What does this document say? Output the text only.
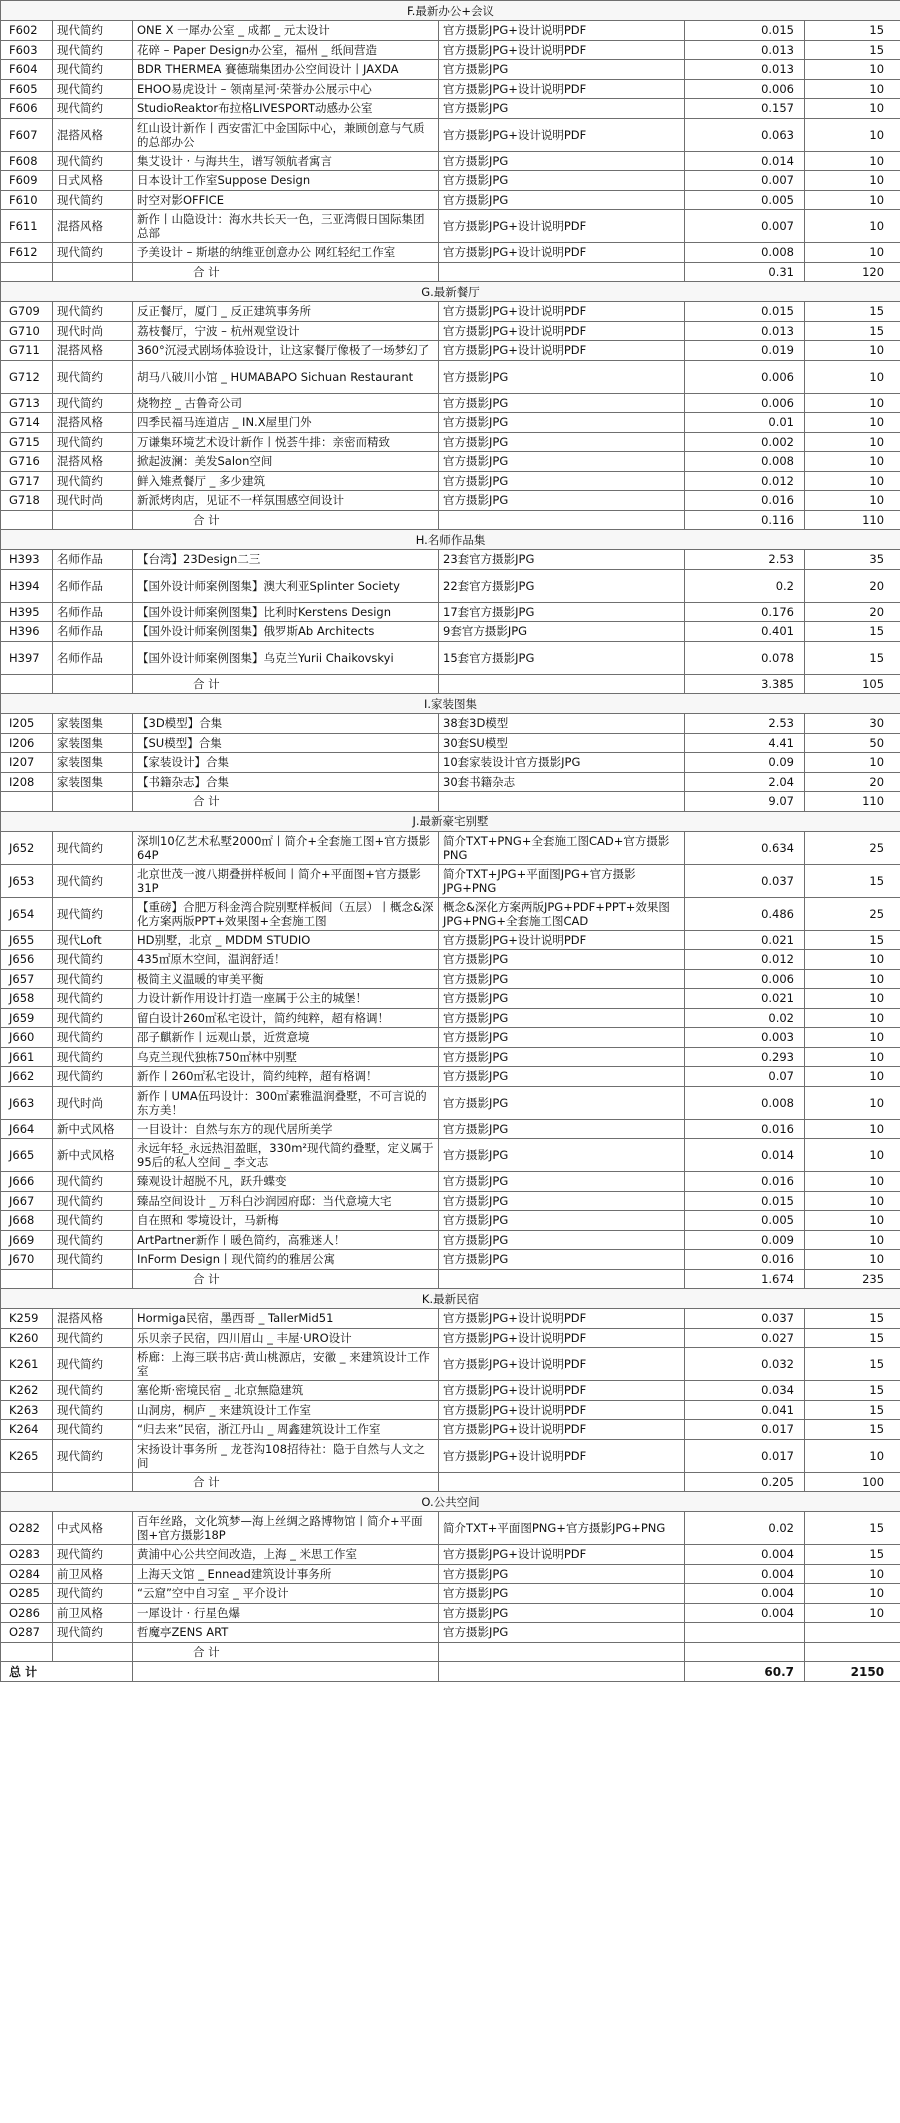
F.最新办公+会议					
F602	现代简约	ONE X 一犀办公室 _ 成都 _ 元太设计	官方摄影JPG+设计说明PDF	0.015	15
F603	现代简约	花碎 – Paper Design办公室，福州 _ 纸间营造	官方摄影JPG+设计说明PDF	0.013	15
F604	现代简约	BDR THERMEA 賽德瑞集团办公空间设计丨JAXDA	官方摄影JPG	0.013	10
F605	现代简约	EHOO易虎设计 – 领南星河·荣誉办公展示中心	官方摄影JPG+设计说明PDF	0.006	10
F606	现代简约	StudioReaktor布拉格LIVESPORT动感办公室	官方摄影JPG	0.157	10
F607	混搭风格	红山设计新作丨西安雷汇中金国际中心，兼顾创意与气质的总部办公	官方摄影JPG+设计说明PDF	0.063	10
F608	现代简约	集艾设计 · 与海共生，谱写领航者寓言	官方摄影JPG	0.014	10
F609	日式风格	日本设计工作室Suppose Design	官方摄影JPG	0.007	10
F610	现代简约	时空对影OFFICE	官方摄影JPG	0.005	10
F611	混搭风格	新作丨山隐设计：海水共长天一色，三亚湾假日国际集团总部	官方摄影JPG+设计说明PDF	0.007	10
F612	现代简约	予美设计 – 斯堪的纳维亚创意办公 网红轻纪工作室	官方摄影JPG+设计说明PDF	0.008	10
		合 计		0.31	120
G.最新餐厅					
G709	现代简约	反正餐厅，厦门 _ 反正建筑事务所	官方摄影JPG+设计说明PDF	0.015	15
G710	现代时尚	荔枝餐厅，宁波 – 杭州观堂设计	官方摄影JPG+设计说明PDF	0.013	15
G711	混搭风格	360°沉浸式剧场体验设计，让这家餐厅像极了一场梦幻了	官方摄影JPG+设计说明PDF	0.019	10
G712	现代简约	胡马八破川小馆 _ HUMABAPO Sichuan Restaurant	官方摄影JPG	0.006	10
G713	现代简约	烧物控 _ 古鲁奇公司	官方摄影JPG	0.006	10
G714	混搭风格	四季民福马连道店 _ IN.X屋里门外	官方摄影JPG	0.01	10
G715	现代简约	万谦集环境艺术设计新作丨悦荟牛排：亲密而精致	官方摄影JPG	0.002	10
G716	混搭风格	掀起波澜：美发Salon空间	官方摄影JPG	0.008	10
G717	现代简约	鲜入雉煮餐厅 _ 多少建筑	官方摄影JPG	0.012	10
G718	现代时尚	新派烤肉店，见证不一样氛围感空间设计	官方摄影JPG	0.016	10
		合 计		0.116	110
H.名师作品集					
H393	名师作品	【台湾】23Design二三	23套官方摄影JPG	2.53	35
H394	名师作品	【国外设计师案例图集】澳大利亚Splinter Society	22套官方摄影JPG	0.2	20
H395	名师作品	【国外设计师案例图集】比利时Kerstens Design	17套官方摄影JPG	0.176	20
H396	名师作品	【国外设计师案例图集】俄罗斯Ab Architects	9套官方摄影JPG	0.401	15
H397	名师作品	【国外设计师案例图集】乌克兰Yurii Chaikovskyi	15套官方摄影JPG	0.078	15
		合 计		3.385	105
I.家装图集					
I205	家装图集	【3D模型】合集	38套3D模型	2.53	30
I206	家装图集	【SU模型】合集	30套SU模型	4.41	50
I207	家装图集	【家装设计】合集	10套家装设计官方摄影JPG	0.09	10
I208	家装图集	【书籍杂志】合集	30套书籍杂志	2.04	20
		合 计		9.07	110
J.最新豪宅别墅					
J652	现代简约	深圳10亿艺术私墅2000㎡丨简介+全套施工图+官方摄影64P	简介TXT+PNG+全套施工图CAD+官方摄影PNG	0.634	25
J653	现代简约	北京世茂一渡八期叠拼样板间丨简介+平面图+官方摄影31P	简介TXT+JPG+平面图JPG+官方摄影JPG+PNG	0.037	15
J654	现代简约	【重磅】合肥万科金湾合院别墅样板间（五层）丨概念&深化方案两版PPT+效果图+全套施工图	概念&深化方案两版JPG+PDF+PPT+效果图JPG+PNG+全套施工图CAD	0.486	25
J655	现代Loft	HD别墅，北京 _ MDDM STUDIO	官方摄影JPG+设计说明PDF	0.021	15
J656	现代简约	435㎡原木空间，温润舒适！	官方摄影JPG	0.012	10
J657	现代简约	极简主义温暖的审美平衡	官方摄影JPG	0.006	10
J658	现代简约	力设计新作用设计打造一座属于公主的城堡！	官方摄影JPG	0.021	10
J659	现代简约	留白设计260㎡私宅设计，简约纯粹，超有格调！	官方摄影JPG	0.02	10
J660	现代简约	邵子麒新作丨远观山景，近赏意境	官方摄影JPG	0.003	10
J661	现代简约	乌克兰现代独栋750㎡林中别墅	官方摄影JPG	0.293	10
J662	现代简约	新作丨260㎡私宅设计，简约纯粹，超有格调！	官方摄影JPG	0.07	10
J663	现代时尚	新作丨UMA伍玛设计：300㎡素雅温润叠墅，不可言说的东方美！	官方摄影JPG	0.008	10
J664	新中式风格	一目设计：自然与东方的现代居所美学	官方摄影JPG	0.016	10
J665	新中式风格	永远年轻_永远热泪盈眶，330m²现代简约叠墅，定义属于95后的私人空间 _ 李文志	官方摄影JPG	0.014	10
J666	现代简约	臻观设计超脱不凡，跃升蝶变	官方摄影JPG	0.016	10
J667	现代简约	臻品空间设计 _ 万科白沙润园府邸：当代意境大宅	官方摄影JPG	0.015	10
J668	现代简约	自在照和 零境设计，马新梅	官方摄影JPG	0.005	10
J669	现代简约	ArtPartner新作丨暖色简约，高雅迷人！	官方摄影JPG	0.009	10
J670	现代简约	InForm Design丨现代简约的雅居公寓	官方摄影JPG	0.016	10
		合 计		1.674	235
K.最新民宿					
K259	混搭风格	Hormiga民宿，墨西哥 _ TallerMid51	官方摄影JPG+设计说明PDF	0.037	15
K260	现代简约	乐贝亲子民宿，四川眉山 _ 丰屋·URO设计	官方摄影JPG+设计说明PDF	0.027	15
K261	现代简约	桥廊：上海三联书店·黄山桃源店，安徽 _ 来建筑设计工作室	官方摄影JPG+设计说明PDF	0.032	15
K262	现代简约	塞伦斯·密境民宿 _ 北京無隐建筑	官方摄影JPG+设计说明PDF	0.034	15
K263	现代简约	山洞房，桐庐 _ 来建筑设计工作室	官方摄影JPG+设计说明PDF	0.041	15
K264	现代简约	“归去来”民宿，浙江丹山 _ 周鑫建筑设计工作室	官方摄影JPG+设计说明PDF	0.017	15
K265	现代简约	宋扬设计事务所 _ 龙苍沟108招待社：隐于自然与人文之间	官方摄影JPG+设计说明PDF	0.017	10
		合 计		0.205	100
O.公共空间					
O282	中式风格	百年丝路，文化筑梦—海上丝绸之路博物馆丨简介+平面图+官方摄影18P	简介TXT+平面图PNG+官方摄影JPG+PNG	0.02	15
O283	现代简约	黄浦中心公共空间改造，上海 _ 米思工作室	官方摄影JPG+设计说明PDF	0.004	15
O284	前卫风格	上海天文馆 _ Ennead建筑设计事务所	官方摄影JPG	0.004	10
O285	现代简约	“云窟”空中自习室 _ 平介设计	官方摄影JPG	0.004	10
O286	前卫风格	一犀设计 · 行星色爆	官方摄影JPG	0.004	10
O287	现代简约	哲魔亭ZENS ART	官方摄影JPG		
		合 计			
总 计				60.7	2150
